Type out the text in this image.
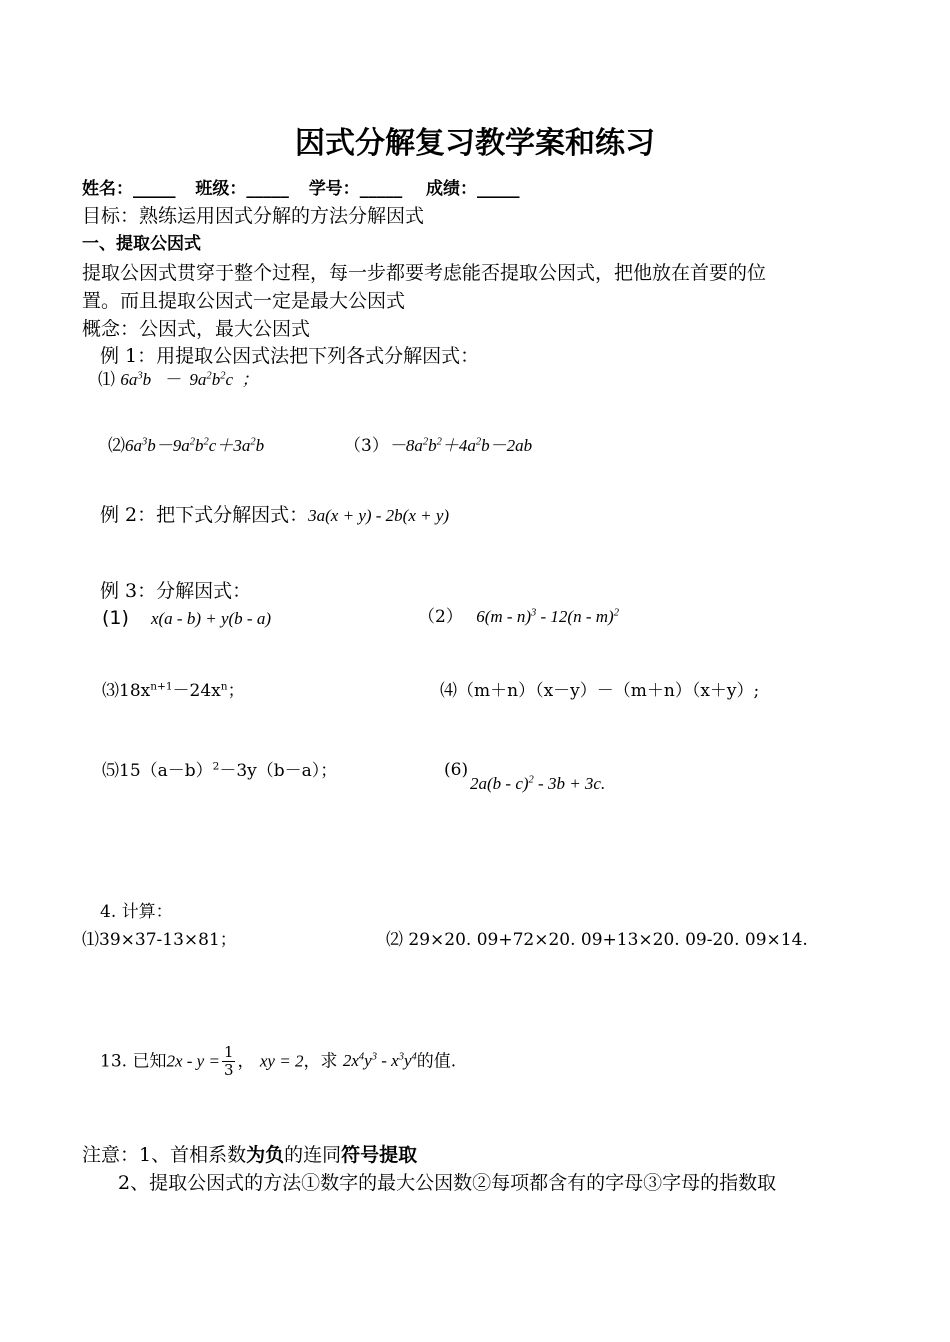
因式分解复习教学案和练习
姓名：_____ 班级：_____ 学号：_____ 成绩：_____
目标：熟练运用因式分解的方法分解因式
一、提取公因式
提取公因式贯穿于整个过程，每一步都要考虑能否提取公因式，把他放在首要的位
置。而且提取公因式一定是最大公因式
概念：公因式，最大公因式
例 1：用提取公因式法把下列各式分解因式：
⑴ $6a^3b - 9a^2b^2c$  ；
$⑵6a^3b-9a^2b^2c+3a^2b$	$(3)-8a^2b^2+4a^2b-2ab$
例 2：把下式分解因式：3a(x + y) - 2b(x + y)
例 3：分解因式：
(1) x(a - b) + y(b - a)	（2） 6(m - n)$^3$ - 12(n - m)$^2$
$⑶18x^{n+1}-24x^n$；	⑷（m＋n）（x－y）－（m＋n）（x＋y）;
$⑸15(a-b)^2-3y(b-a)$；	(6)
2a(b - c)$^2$ - 3b + 3c.
4. 计算：
⑴39×37-13×81；	⑵ 29×20. 09+72×20. 09+13×20. 09-20. 09×14.
13. 已知$2x - y = \frac{1}{3}$ ， xy = 2，求 $2x^4y^3 - x^3y^4$的值.
注意：1、首相系数为负的连同符号提取
2、提取公因式的方法①数字的最大公因数②每项都含有的字母③字母的指数取
